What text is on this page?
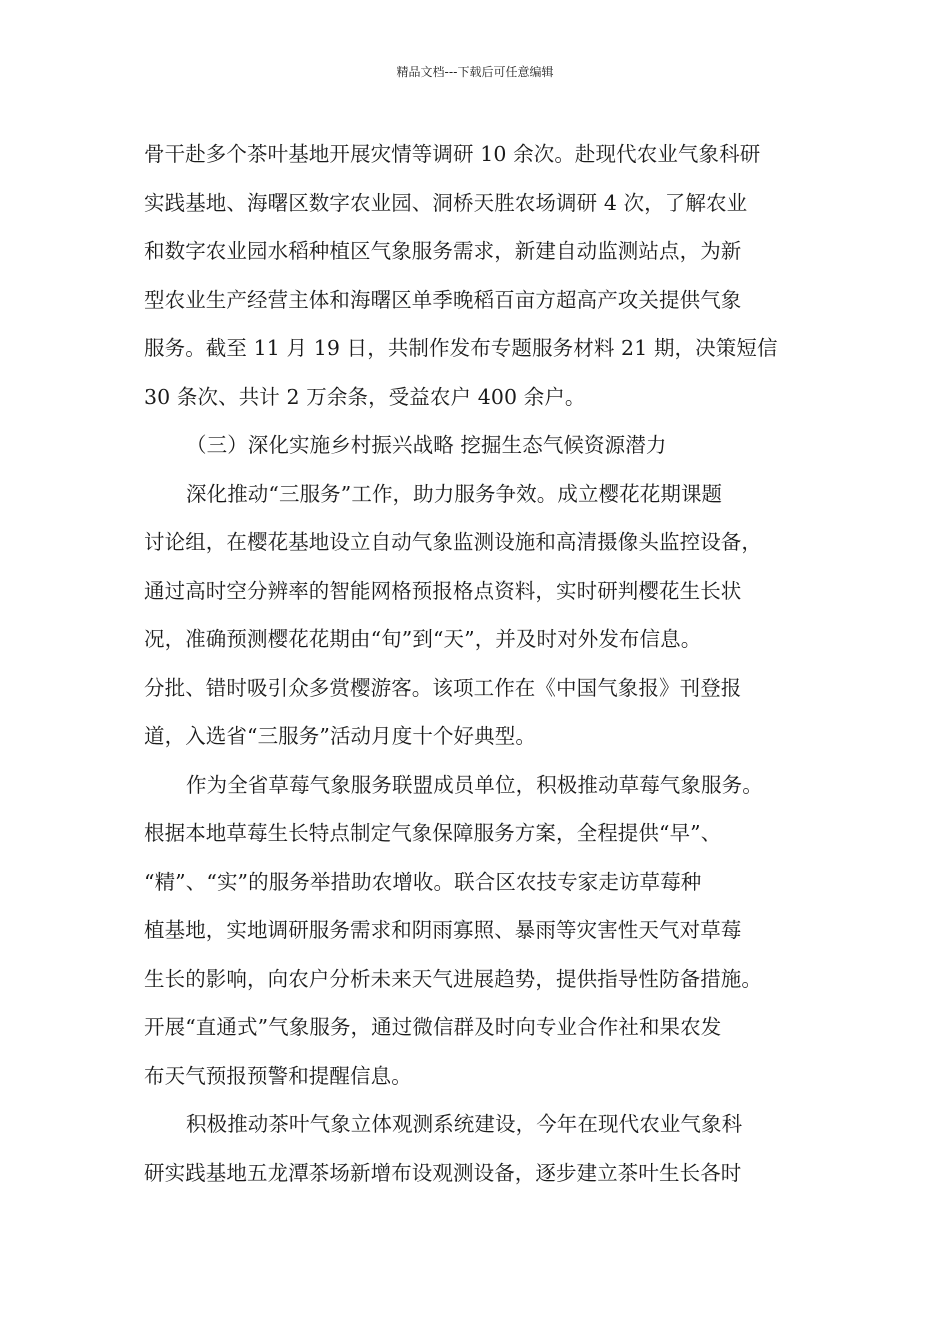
精品文档---下载后可任意编辑
骨干赴多个茶叶基地开展灾情等调研 10 余次。赴现代农业气象科研
实践基地、海曙区数字农业园、洞桥天胜农场调研 4 次，了解农业
和数字农业园水稻种植区气象服务需求，新建自动监测站点，为新
型农业生产经营主体和海曙区单季晚稻百亩方超高产攻关提供气象
服务。截至 11 月 19 日，共制作发布专题服务材料 21 期，决策短信
30 条次、共计 2 万余条，受益农户 400 余户。
（三）深化实施乡村振兴战略 挖掘生态气候资源潜力
深化推动“三服务”工作，助力服务争效。成立樱花花期课题
讨论组，在樱花基地设立自动气象监测设施和高清摄像头监控设备，
通过高时空分辨率的智能网格预报格点资料，实时研判樱花生长状
况，准确预测樱花花期由“旬”到“天”，并及时对外发布信息。
分批、错时吸引众多赏樱游客。该项工作在《中国气象报》刊登报
道，入选省“三服务”活动月度十个好典型。
作为全省草莓气象服务联盟成员单位，积极推动草莓气象服务。
根据本地草莓生长特点制定气象保障服务方案，全程提供“早”、
“精”、“实”的服务举措助农增收。联合区农技专家走访草莓种
植基地，实地调研服务需求和阴雨寡照、暴雨等灾害性天气对草莓
生长的影响，向农户分析未来天气进展趋势，提供指导性防备措施。
开展“直通式”气象服务，通过微信群及时向专业合作社和果农发
布天气预报预警和提醒信息。
积极推动茶叶气象立体观测系统建设，今年在现代农业气象科
研实践基地五龙潭茶场新增布设观测设备，逐步建立茶叶生长各时
